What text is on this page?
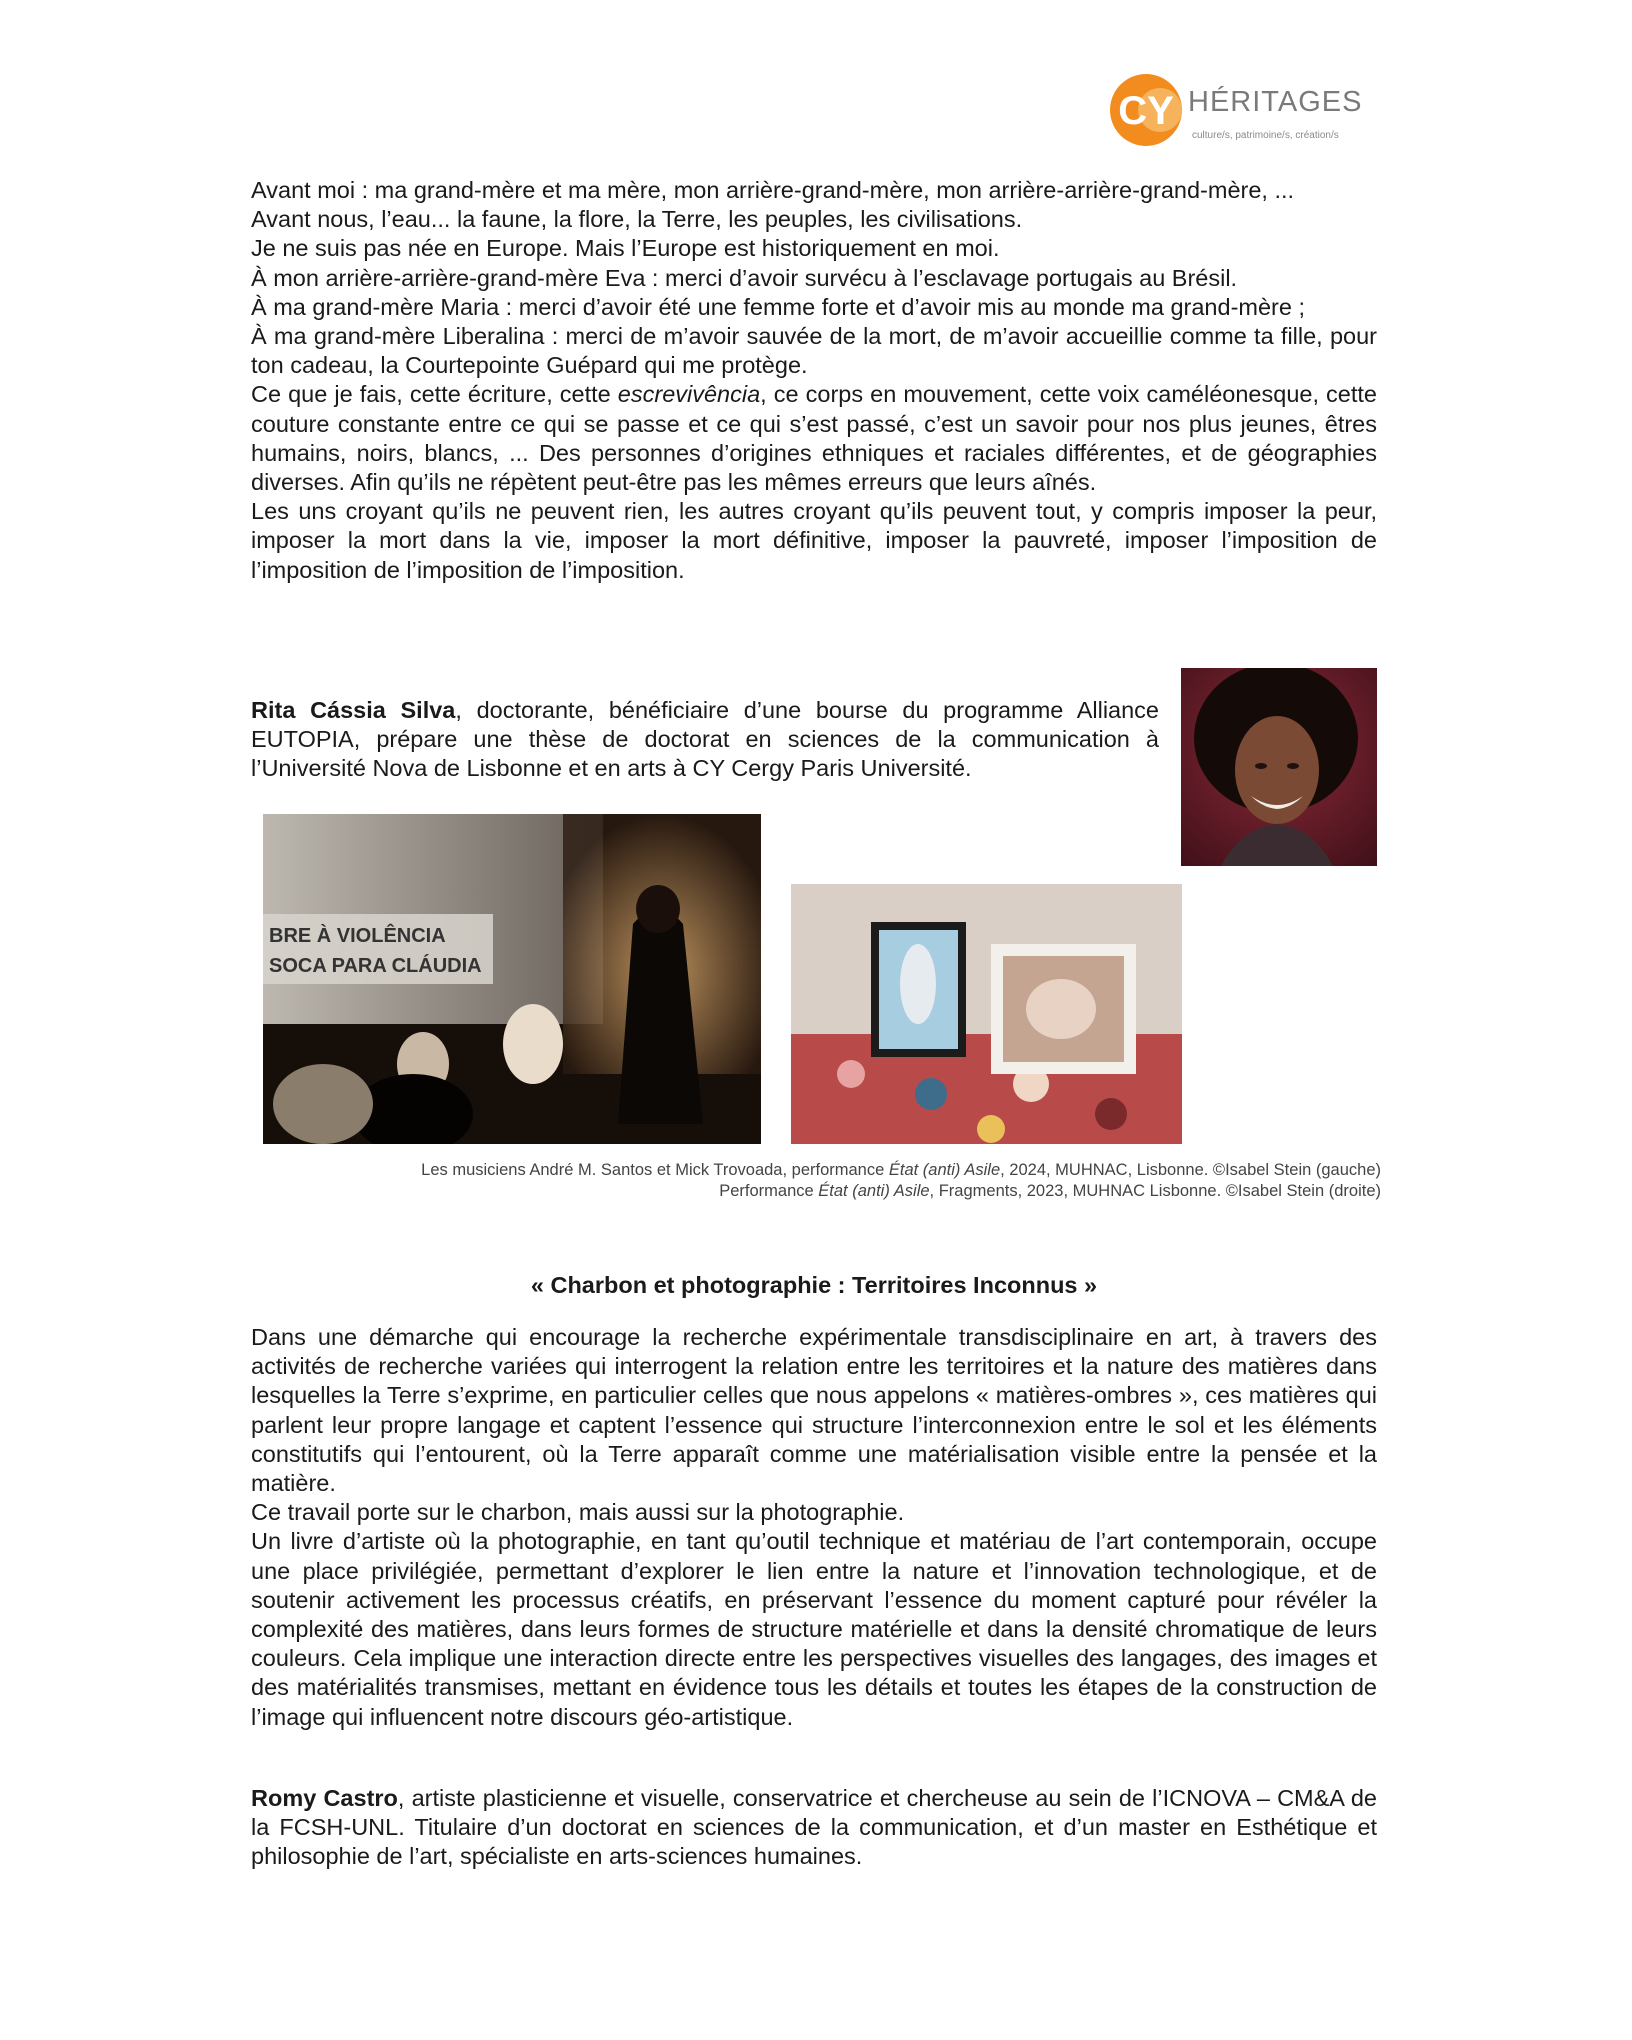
CY HÉRITAGES
culture/s, patrimoine/s, création/s

Avant moi : ma grand-mère et ma mère, mon arrière-grand-mère, mon arrière-arrière-grand-mère, ...

Avant nous, l’eau... la faune, la flore, la Terre, les peuples, les civilisations.

Je ne suis pas née en Europe. Mais l’Europe est historiquement en moi.

À mon arrière-arrière-grand-mère Eva : merci d’avoir survécu à l’esclavage portugais au Brésil.

À ma grand-mère Maria : merci d’avoir été une femme forte et d’avoir mis au monde ma grand-mère ;

À ma grand-mère Liberalina : merci de m’avoir sauvée de la mort, de m’avoir accueillie comme ta fille, pour ton cadeau, la Courtepointe Guépard qui me protège.

Ce que je fais, cette écriture, cette escrevivência, ce corps en mouvement, cette voix caméléonesque, cette couture constante entre ce qui se passe et ce qui s’est passé, c’est un savoir pour nos plus jeunes, êtres humains, noirs, blancs, ... Des personnes d’origines ethniques et raciales différentes, et de géographies diverses. Afin qu’ils ne répètent peut-être pas les mêmes erreurs que leurs aînés.

Les uns croyant qu’ils ne peuvent rien, les autres croyant qu’ils peuvent tout, y compris imposer la peur, imposer la mort dans la vie, imposer la mort définitive, imposer la pauvreté, imposer l’imposition de l’imposition de l’imposition de l’imposition.

Rita Cássia Silva, doctorante, bénéficiaire d’une bourse du programme Alliance EUTOPIA, prépare une thèse de doctorat en sciences de la communication à l’Université Nova de Lisbonne et en arts à CY Cergy Paris Université.
BRE À VIOLÊNCIA
SOCA PARA CLÁUDIA
Les musiciens André M. Santos et Mick Trovoada, performance État (anti) Asile, 2024, MUHNAC, Lisbonne. ©Isabel Stein (gauche)
Performance État (anti) Asile, Fragments, 2023, MUHNAC Lisbonne. ©Isabel Stein (droite)
« Charbon et photographie : Territoires Inconnus »

Dans une démarche qui encourage la recherche expérimentale transdisciplinaire en art, à travers des activités de recherche variées qui interrogent la relation entre les territoires et la nature des matières dans lesquelles la Terre s’exprime, en particulier celles que nous appelons « matières-ombres », ces matières qui parlent leur propre langage et captent l’essence qui structure l’interconnexion entre le sol et les éléments constitutifs qui l’entourent, où la Terre apparaît comme une matérialisation visible entre la pensée et la matière.

Ce travail porte sur le charbon, mais aussi sur la photographie.

Un livre d’artiste où la photographie, en tant qu’outil technique et matériau de l’art contemporain, occupe une place privilégiée, permettant d’explorer le lien entre la nature et l’innovation technologique, et de soutenir activement les processus créatifs, en préservant l’essence du moment capturé pour révéler la complexité des matières, dans leurs formes de structure matérielle et dans la densité chromatique de leurs couleurs. Cela implique une interaction directe entre les perspectives visuelles des langages, des images et des matérialités transmises, mettant en évidence tous les détails et toutes les étapes de la construction de l’image qui influencent notre discours géo-artistique.

Romy Castro, artiste plasticienne et visuelle, conservatrice et chercheuse au sein de l’ICNOVA – CM&A de la FCSH-UNL. Titulaire d’un doctorat en sciences de la communication, et d’un master en Esthétique et philosophie de l’art, spécialiste en arts-sciences humaines.
